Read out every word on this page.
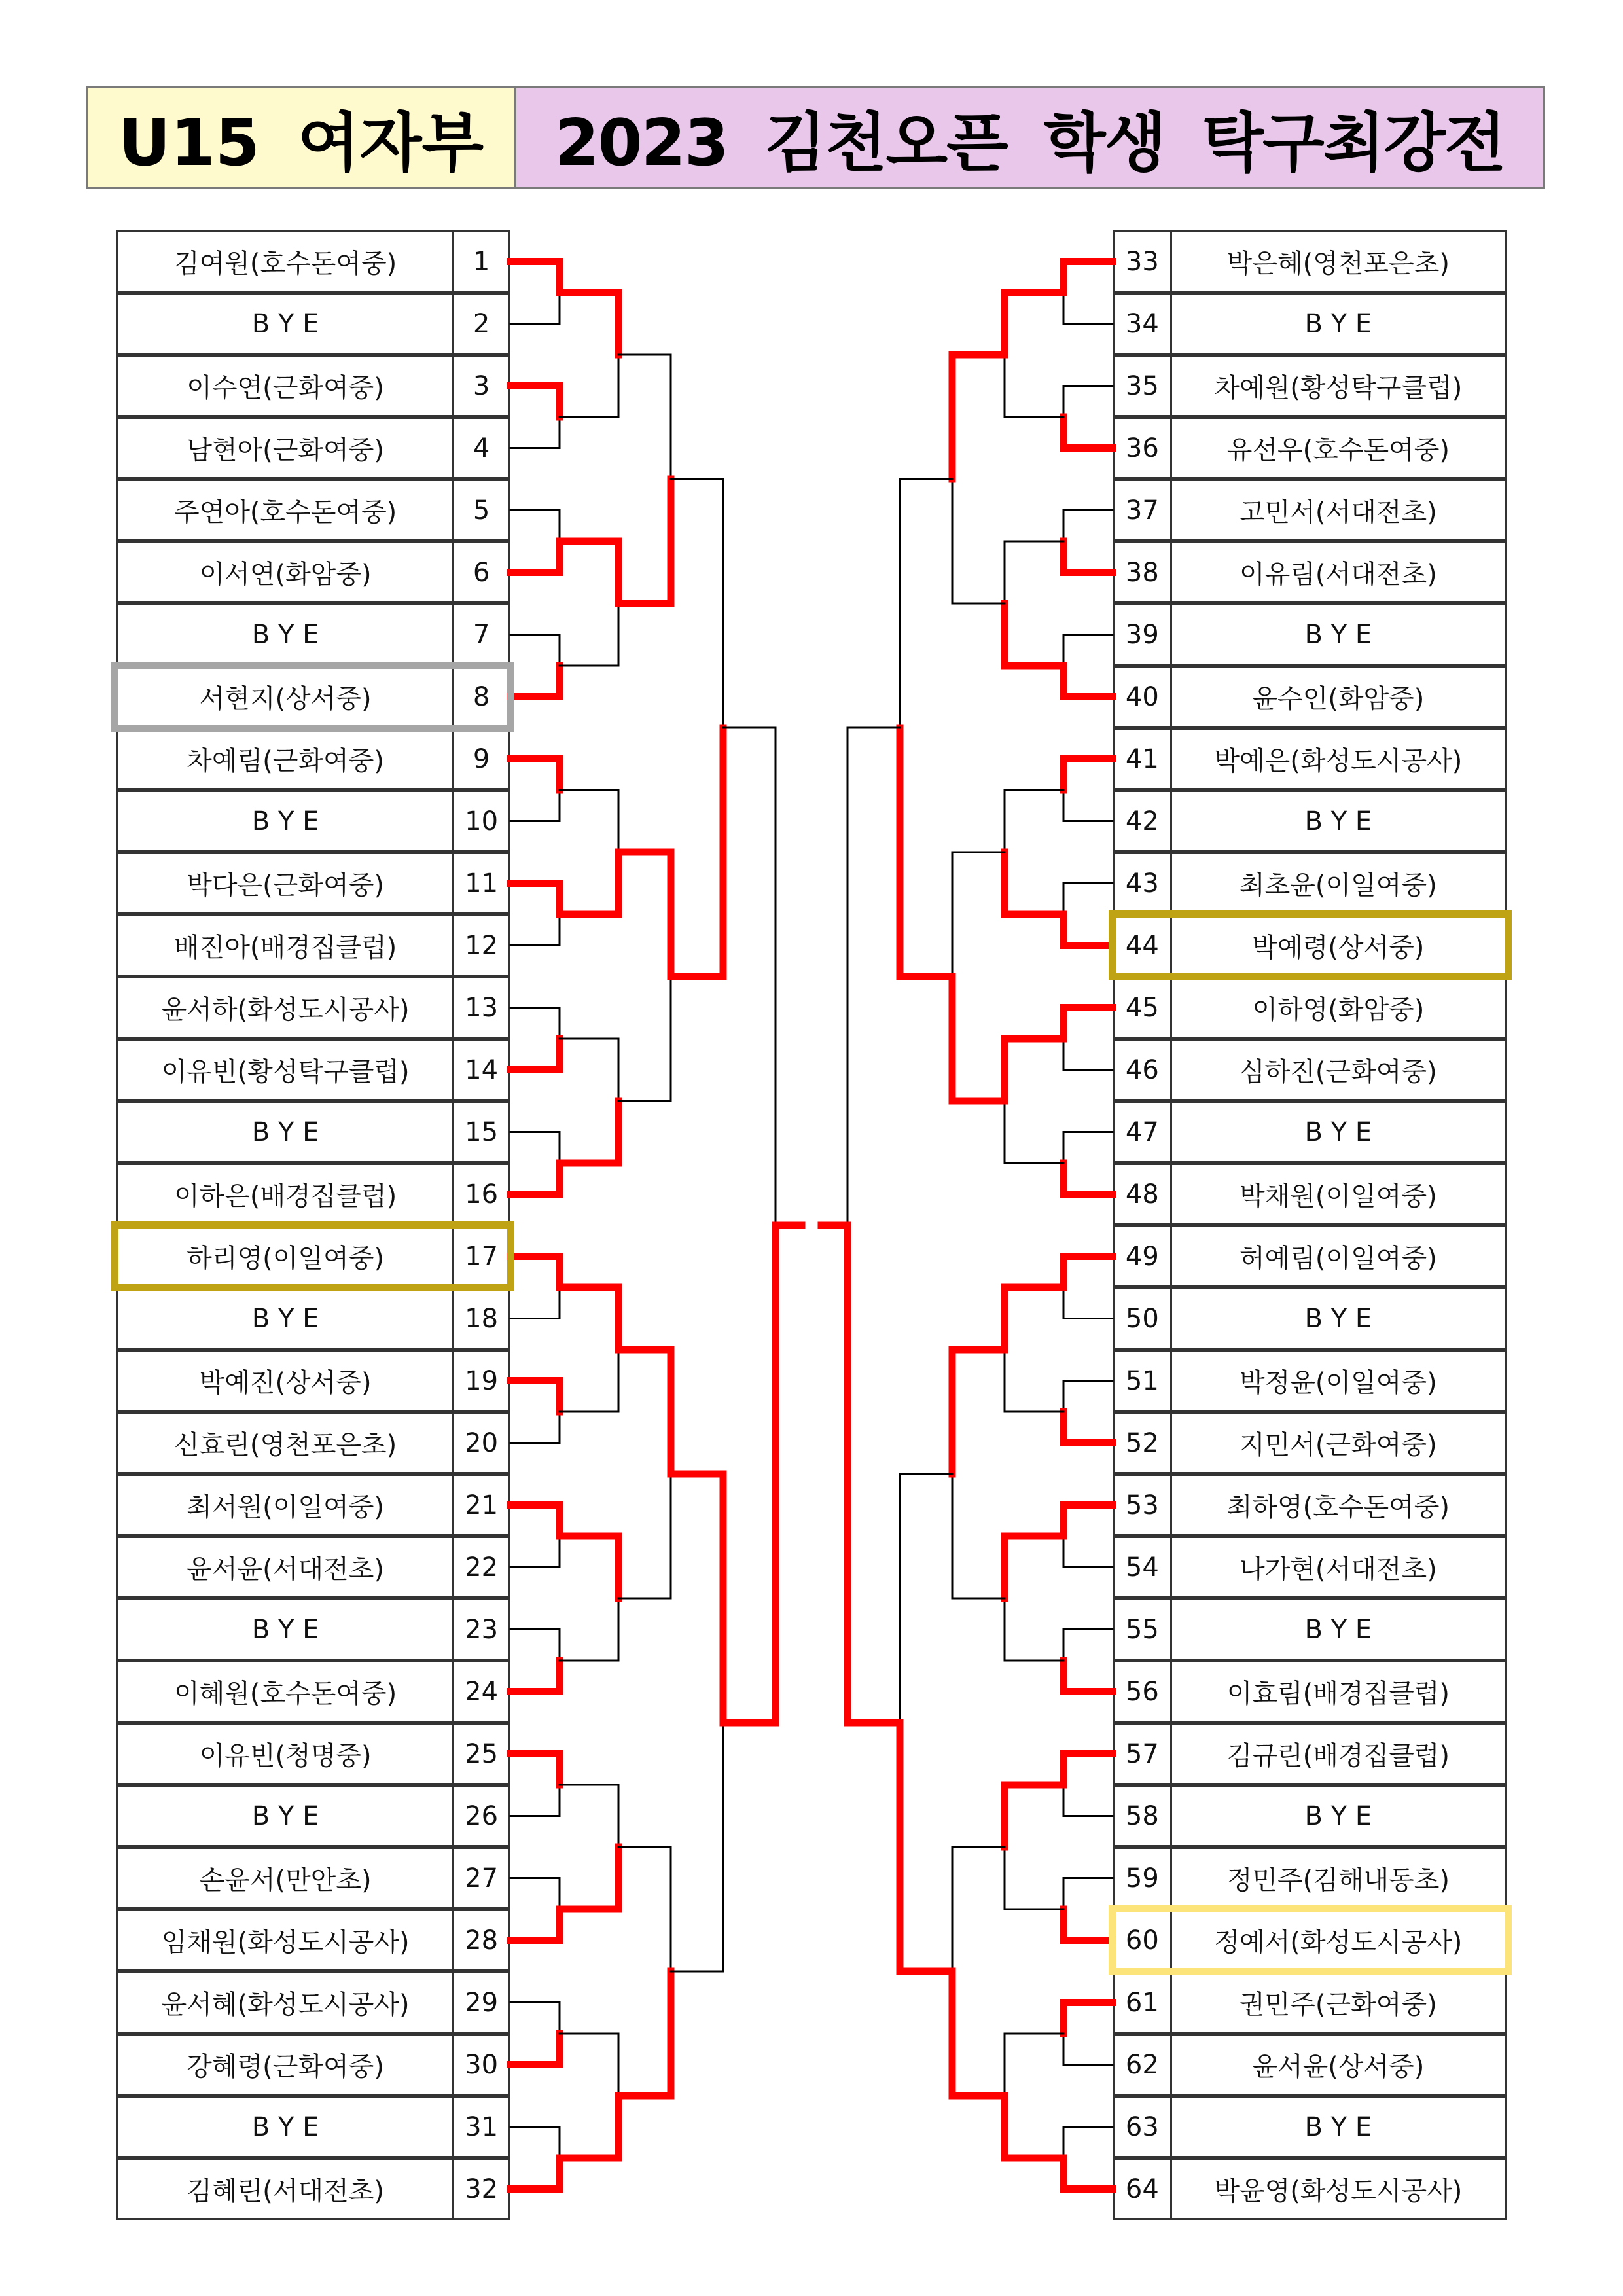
U15 여자부	2023 김천오픈 학생 탁구최강전
김여원(호수돈여중)	1
B Y E	2
이수연(근화여중)	3
남현아(근화여중)	4
주연아(호수돈여중)	5
이서연(화암중)	6
B Y E	7
서현지(상서중)	8
차예림(근화여중)	9
B Y E	10
박다은(근화여중)	11
배진아(배경집클럽)	12
윤서하(화성도시공사)	13
이유빈(황성탁구클럽)	14
B Y E	15
이하은(배경집클럽)	16
하리영(이일여중)	17
B Y E	18
박예진(상서중)	19
신효린(영천포은초)	20
최서원(이일여중)	21
윤서윤(서대전초)	22
B Y E	23
이혜원(호수돈여중)	24
이유빈(청명중)	25
B Y E	26
손윤서(만안초)	27
임채원(화성도시공사)	28
윤서혜(화성도시공사)	29
강혜령(근화여중)	30
B Y E	31
김혜린(서대전초)	32
33	박은혜(영천포은초)
34	B Y E
35	차예원(황성탁구클럽)
36	유선우(호수돈여중)
37	고민서(서대전초)
38	이유림(서대전초)
39	B Y E
40	윤수인(화암중)
41	박예은(화성도시공사)
42	B Y E
43	최초윤(이일여중)
44	박예령(상서중)
45	이하영(화암중)
46	심하진(근화여중)
47	B Y E
48	박채원(이일여중)
49	허예림(이일여중)
50	B Y E
51	박정윤(이일여중)
52	지민서(근화여중)
53	최하영(호수돈여중)
54	나가현(서대전초)
55	B Y E
56	이효림(배경집클럽)
57	김규린(배경집클럽)
58	B Y E
59	정민주(김해내동초)
60	정예서(화성도시공사)
61	권민주(근화여중)
62	윤서윤(상서중)
63	B Y E
64	박윤영(화성도시공사)
